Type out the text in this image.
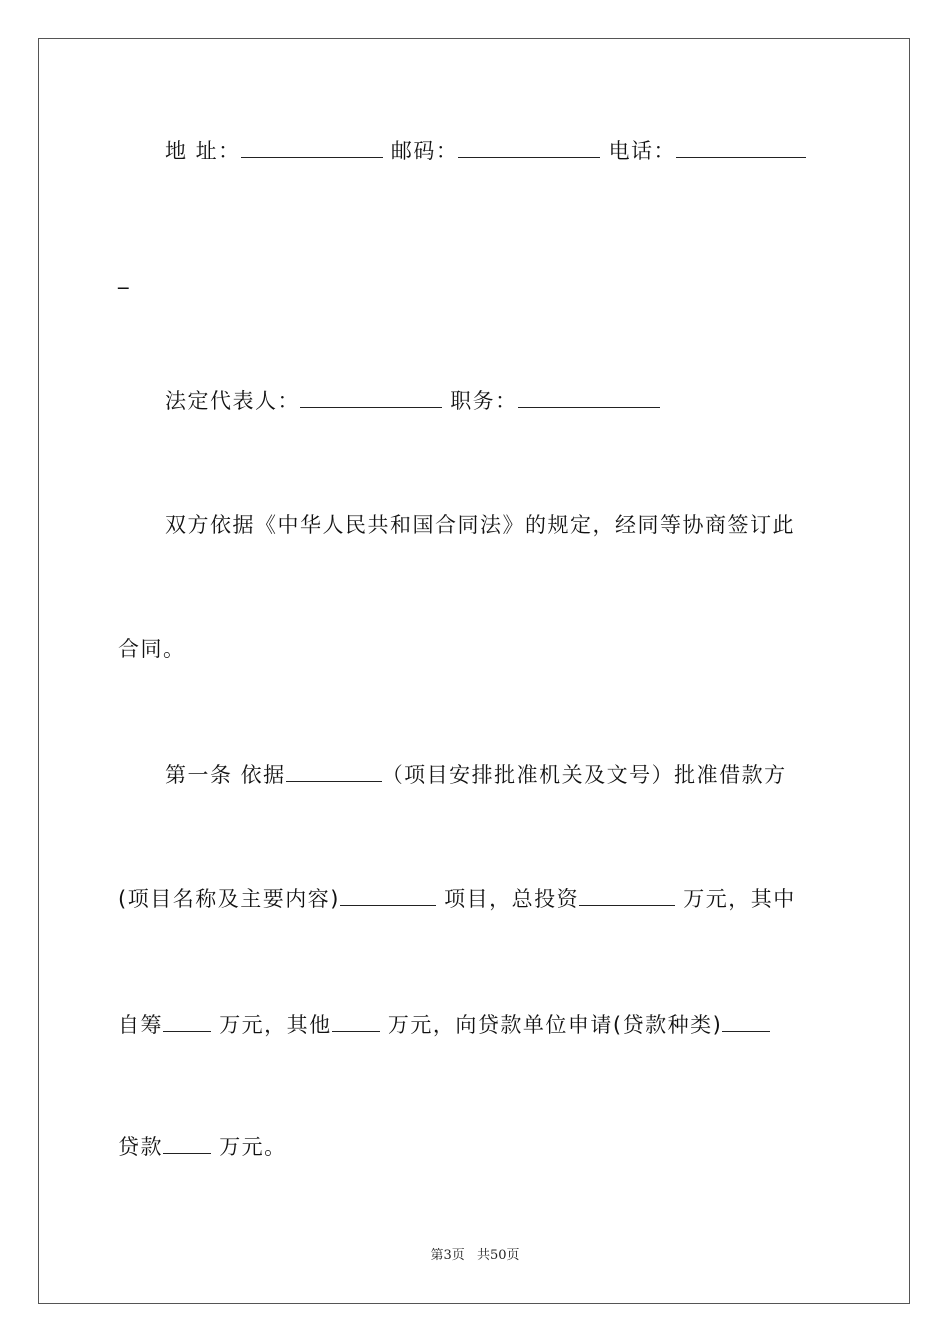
地 址：	邮码：	电话：
_
法定代表人：	职务：
双方依据《中华人民共和国合同法》的规定，经同等协商签订此
合同。
第一条 依据	（项目安排批准机关及文号）批准借款方
(项目名称及主要内容)	项目，总投资	万元，其中
自筹	万元，其他	万元，向贷款单位申请(贷款种类)
贷款	万元。
第3页 共50页
